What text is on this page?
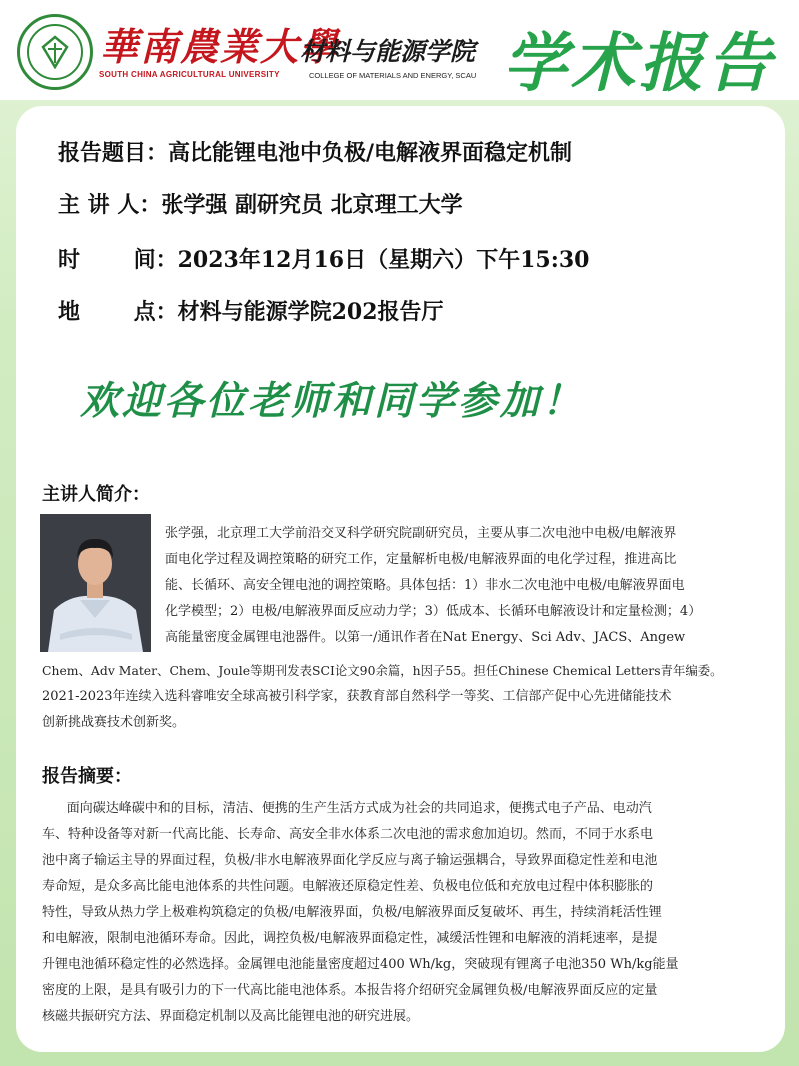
華南農業大學
SOUTH CHINA AGRICULTURAL UNIVERSITY
材料与能源学院
COLLEGE OF MATERIALS AND ENERGY, SCAU 学术报告
报告题目：高比能锂电池中负极/电解液界面稳定机制
主 讲 人：张学强 副研究员 北京理工大学
时       间：2023年12月16日（星期六）下午15:30
地       点：材料与能源学院202报告厅
欢迎各位老师和同学参加！
主讲人简介：
张学强，北京理工大学前沿交叉科学研究院副研究员，主要从事二次电池中电极/电解液界
面电化学过程及调控策略的研究工作，定量解析电极/电解液界面的电化学过程，推进高比
能、长循环、高安全锂电池的调控策略。具体包括：1）非水二次电池中电极/电解液界面电
化学模型；2）电极/电解液界面反应动力学；3）低成本、长循环电解液设计和定量检测；4）
高能量密度金属锂电池器件。以第一/通讯作者在Nat Energy、Sci Adv、JACS、Angew
Chem、Adv Mater、Chem、Joule等期刊发表SCI论文90余篇，h因子55。担任Chinese Chemical Letters青年编委。
2021-2023年连续入选科睿唯安全球高被引科学家，获教育部自然科学一等奖、工信部产促中心先进储能技术
创新挑战赛技术创新奖。
报告摘要：
面向碳达峰碳中和的目标，清洁、便携的生产生活方式成为社会的共同追求，便携式电子产品、电动汽
车、特种设备等对新一代高比能、长寿命、高安全非水体系二次电池的需求愈加迫切。然而，不同于水系电
池中离子输运主导的界面过程，负极/非水电解液界面化学反应与离子输运强耦合，导致界面稳定性差和电池
寿命短，是众多高比能电池体系的共性问题。电解液还原稳定性差、负极电位低和充放电过程中体积膨胀的
特性，导致从热力学上极难构筑稳定的负极/电解液界面，负极/电解液界面反复破坏、再生，持续消耗活性锂
和电解液，限制电池循环寿命。因此，调控负极/电解液界面稳定性，减缓活性锂和电解液的消耗速率，是提
升锂电池循环稳定性的必然选择。金属锂电池能量密度超过400 Wh/kg，突破现有锂离子电池350 Wh/kg能量
密度的上限，是具有吸引力的下一代高比能电池体系。本报告将介绍研究金属锂负极/电解液界面反应的定量
核磁共振研究方法、界面稳定机制以及高比能锂电池的研究进展。
